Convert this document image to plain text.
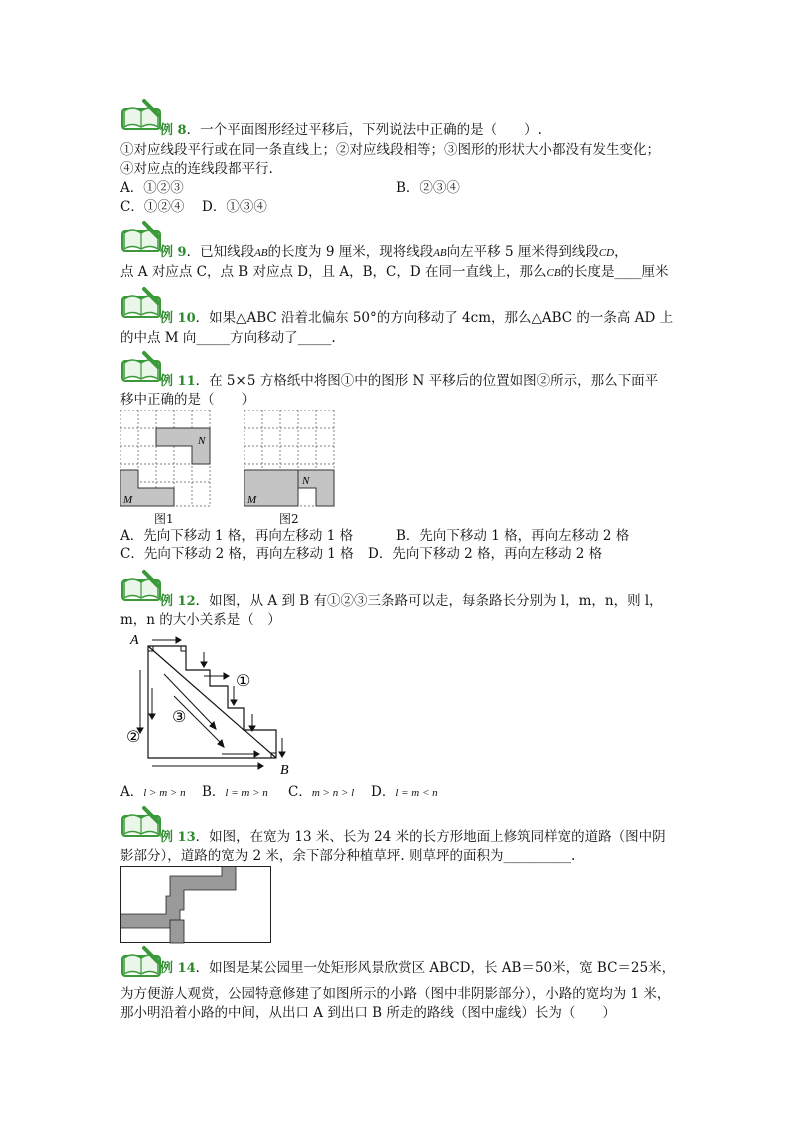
例 8．一个平面图形经过平移后，下列说法中正确的是（　　）.
①对应线段平行或在同一条直线上；②对应线段相等；③图形的形状大小都没有发生变化；
④对应点的连线段都平行.
A．①②③	B．②③④
C．①②④ D．①③④
例 9．已知线段AB的长度为 9 厘米，现将线段AB向左平移 5 厘米得到线段CD，
点 A 对应点 C，点 B 对应点 D，且 A，B，C，D 在同一直线上，那么CB的长度是____厘米
例 10．如果△ABC 沿着北偏东 50°的方向移动了 4cm，那么△ABC 的一条高 AD 上
的中点 M 向_____方向移动了_____.
例 11．在 5×5 方格纸中将图①中的图形 N 平移后的位置如图②所示，那么下面平
移中正确的是（　　）
N
M
图1
N
M
图2
A．先向下移动 1 格，再向左移动 1 格	B．先向下移动 1 格，再向左移动 2 格
C．先向下移动 2 格，再向左移动 1 格 D．先向下移动 2 格，再向左移动 2 格
例 12．如图，从 A 到 B 有①②③三条路可以走，每条路长分别为 l，m，n，则 l，
m，n 的大小关系是（　）
A
B
①
②
③
A．l > m > n B．l = m > n C．m > n > l D．l = m < n
例 13．如图，在宽为 13 米、长为 24 米的长方形地面上修筑同样宽的道路（图中阴
影部分），道路的宽为 2 米，余下部分种植草坪. 则草坪的面积为__________.
例 14．如图是某公园里一处矩形风景欣赏区 ABCD，长 AB＝50米，宽 BC＝25米，
为方便游人观赏，公园特意修建了如图所示的小路（图中非阴影部分），小路的宽均为 1 米，
那小明沿着小路的中间，从出口 A 到出口 B 所走的路线（图中虚线）长为（　　）
